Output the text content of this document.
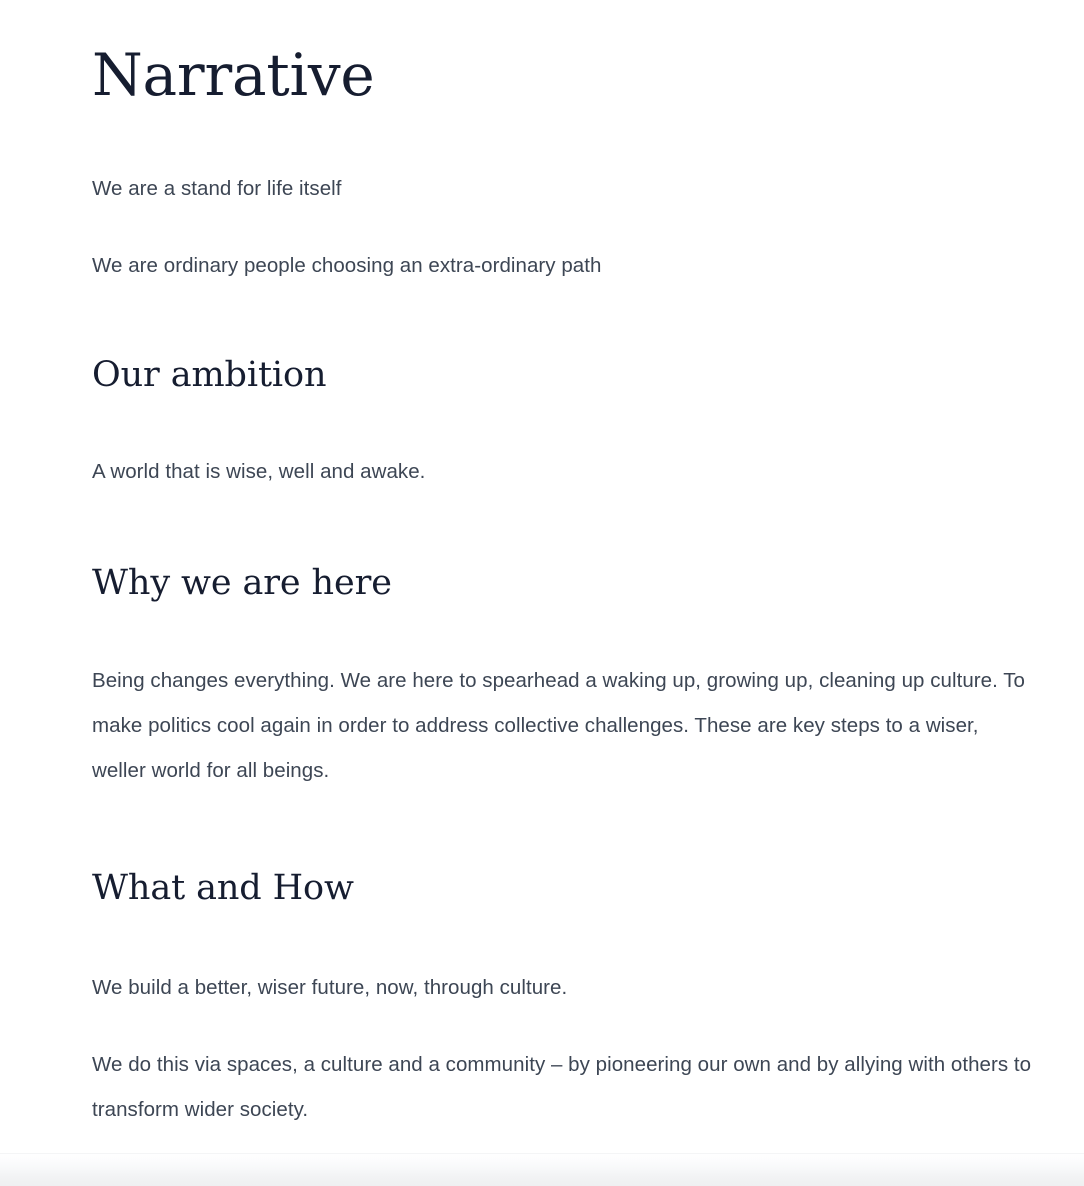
Narrative

We are a stand for life itself

We are ordinary people choosing an extra-ordinary path

Our ambition

A world that is wise, well and awake.

Why we are here

Being changes everything. We are here to spearhead a waking up, growing up, cleaning up culture. To make politics cool again in order to address collective challenges. These are key steps to a wiser, weller world for all beings.

What and How

We build a better, wiser future, now, through culture.

We do this via spaces, a culture and a community – by pioneering our own and by allying with others to transform wider society.
